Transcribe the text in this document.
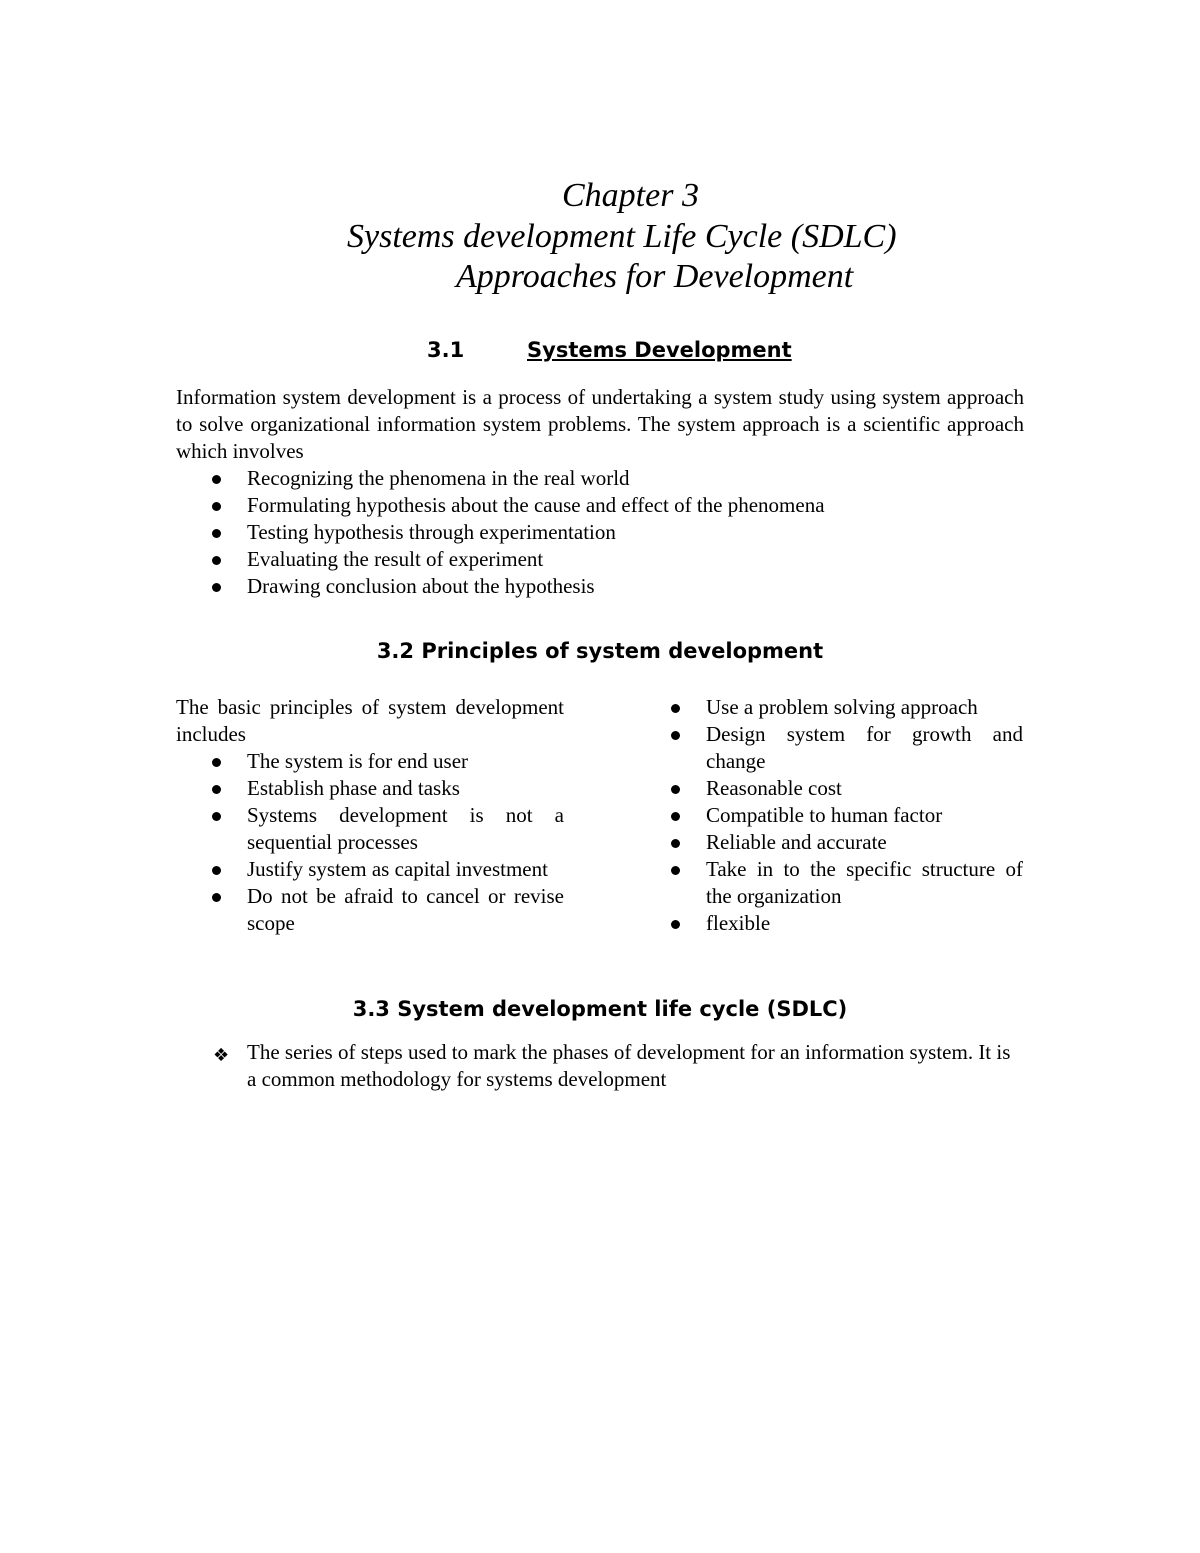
Chapter 3
Systems development Life Cycle (SDLC)
Approaches for Development
3.1	Systems Development
Information system development is a process of undertaking a system study using system approach to solve organizational information system problems. The system approach is a scientific approach which involves
Recognizing the phenomena in the real world
Formulating hypothesis about the cause and effect of the phenomena
Testing hypothesis through experimentation
Evaluating the result of experiment
Drawing conclusion about the hypothesis
3.2 Principles of system development
The basic principles of system development includes
The system is for end user
Establish phase and tasks
Systems development is not a sequential processes
Justify system as capital investment
Do not be afraid to cancel or revise scope
Use a problem solving approach
Design system for growth and change
Reasonable cost
Compatible to human factor
Reliable and accurate
Take in to the specific structure of the organization
flexible
3.3 System development life cycle (SDLC)
❖ The series of steps used to mark the phases of development for an information system. It is a common methodology for systems development
